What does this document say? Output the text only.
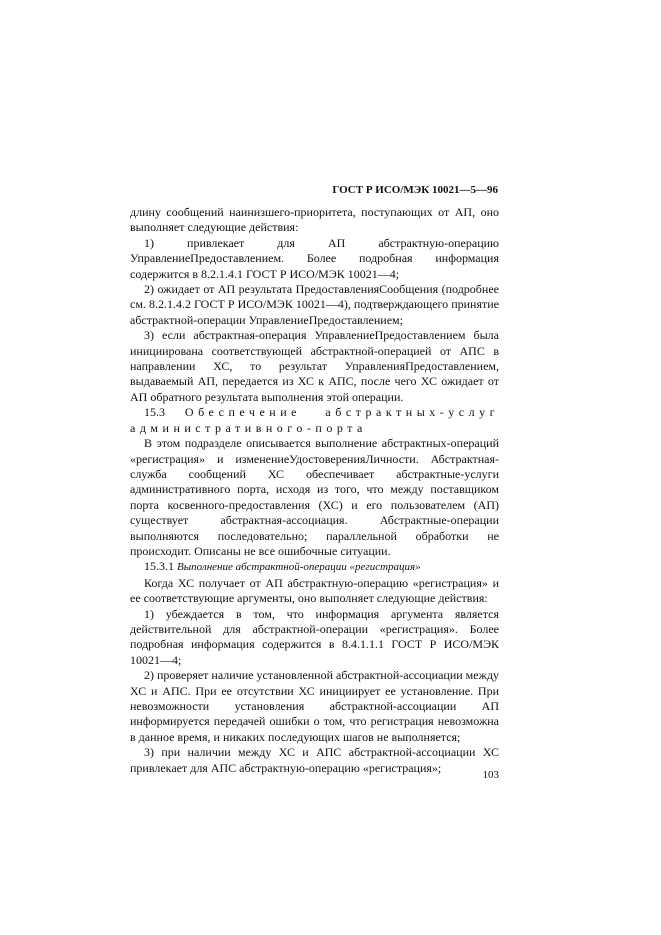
ГОСТ Р ИСО/МЭК 10021—5—96

длину сообщений наинизшего-приоритета, поступающих от АП, оно выполняет следующие действия:

1) привлекает для АП абстрактную-операцию УправлениеПредоставлением. Более подробная информация содержится в 8.2.1.4.1 ГОСТ Р ИСО/МЭК 10021—4;

2) ожидает от АП результата ПредоставленияСообщения (подробнее см. 8.2.1.4.2 ГОСТ Р ИСО/МЭК 10021—4), подтверждающего принятие абстрактной-операции УправлениеПредоставлением;

3) если абстрактная-операция УправлениеПредоставлением была инициирована соответствующей абстрактной-операцией от АПС в направлении ХС, то результат УправленияПредоставлением, выдаваемый АП, передается из ХС к АПС, после чего ХС ожидает от АП обратного результата выполнения этой операции.

15.3 Обеспечение абстрактных-услуг административного-порта

В этом подразделе описывается выполнение абстрактных-операций «регистрация» и изменениеУдостоверенияЛичности. Абстрактная-служба сообщений ХС обеспечивает абстрактные-услуги административного порта, исходя из того, что между поставщиком порта косвенного-предоставления (ХС) и его пользователем (АП) существует абстрактная-ассоциация. Абстрактные-операции выполняются последовательно; параллельной обработки не происходит. Описаны не все ошибочные ситуации.

15.3.1 Выполнение абстрактной-операции «регистрация»

Когда ХС получает от АП абстрактную-операцию «регистрация» и ее соответствующие аргументы, оно выполняет следующие действия:

1) убеждается в том, что информация аргумента является действительной для абстрактной-операции «регистрация». Более подробная информация содержится в 8.4.1.1.1 ГОСТ Р ИСО/МЭК 10021—4;

2) проверяет наличие установленной абстрактной-ассоциации между ХС и АПС. При ее отсутствии ХС инициирует ее установление. При невозможности установления абстрактной-ассоциации АП информируется передачей ошибки о том, что регистрация невозможна в данное время, и никаких последующих шагов не выполняется;

3) при наличии между ХС и АПС абстрактной-ассоциации ХС привлекает для АПС абстрактную-операцию «регистрация»;

103
